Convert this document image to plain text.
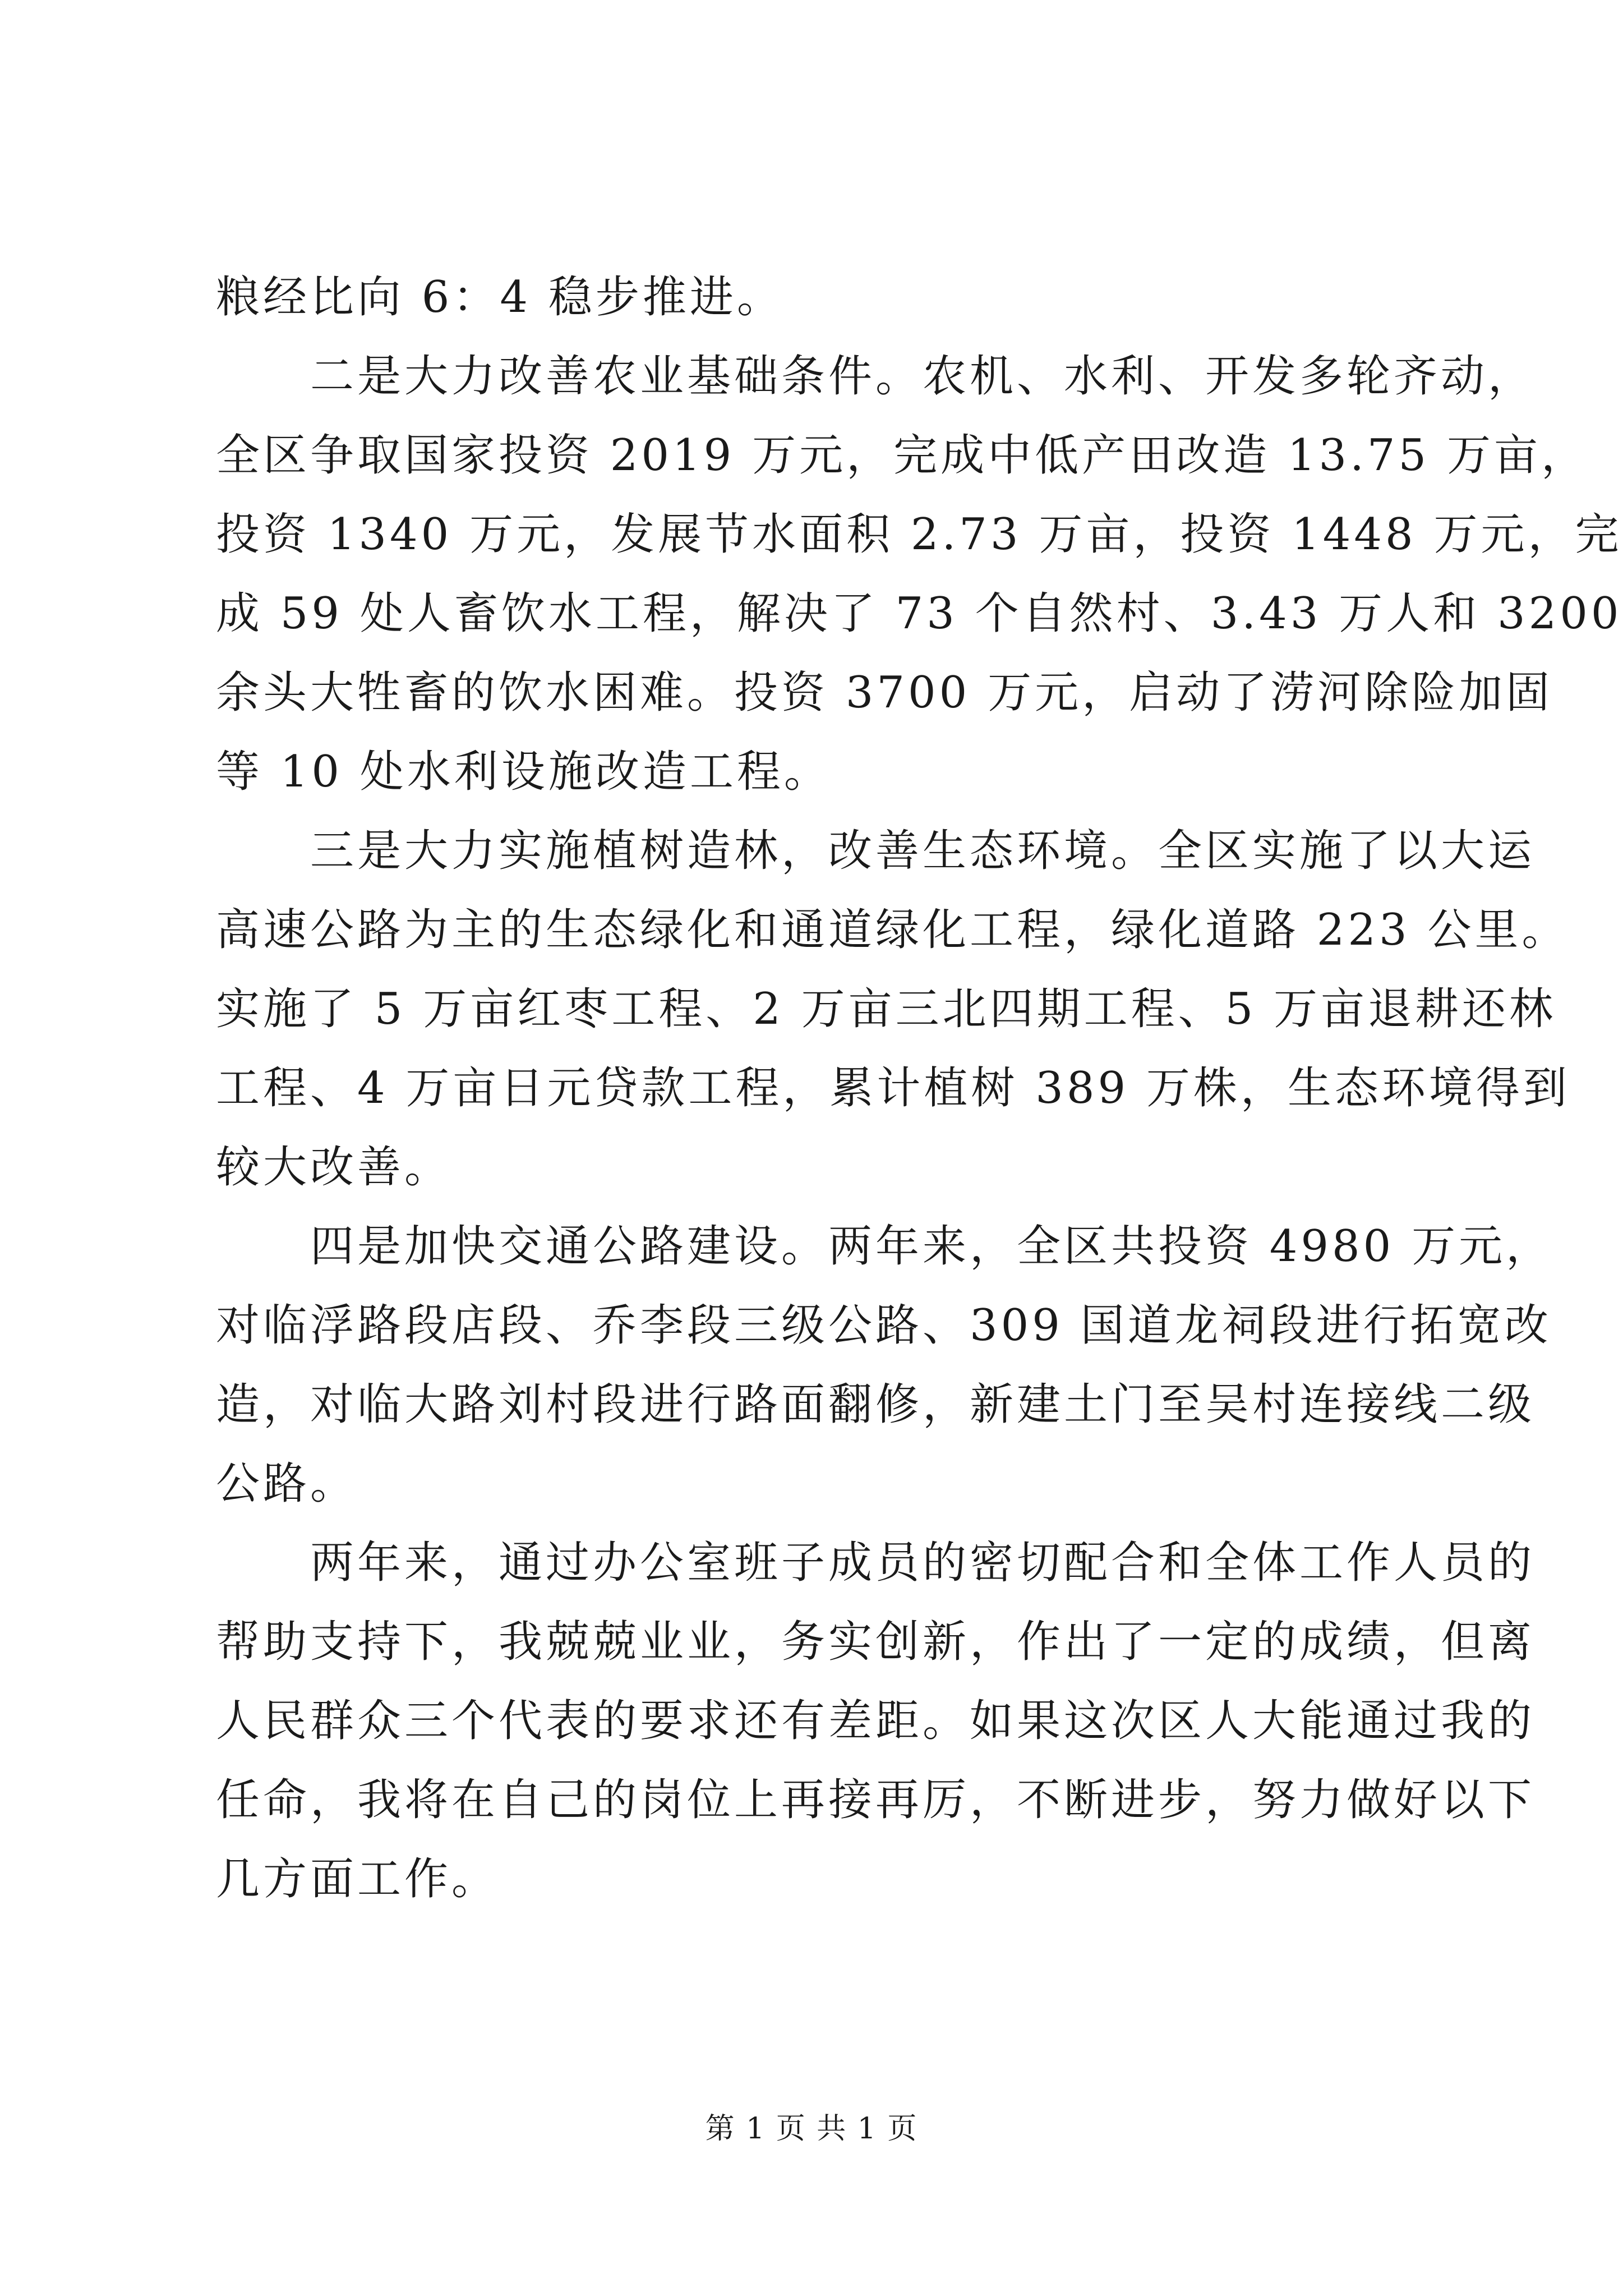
粮经比向 6：4 稳步推进。
　　二是大力改善农业基础条件。农机、水利、开发多轮齐动，
全区争取国家投资 2019 万元，完成中低产田改造 13.75 万亩，
投资 1340 万元，发展节水面积 2.73 万亩，投资 1448 万元，完
成 59 处人畜饮水工程，解决了 73 个自然村、3.43 万人和 3200
余头大牲畜的饮水困难。投资 3700 万元，启动了涝河除险加固
等 10 处水利设施改造工程。
　　三是大力实施植树造林，改善生态环境。全区实施了以大运
高速公路为主的生态绿化和通道绿化工程，绿化道路 223 公里。
实施了 5 万亩红枣工程、2 万亩三北四期工程、5 万亩退耕还林
工程、4 万亩日元贷款工程，累计植树 389 万株，生态环境得到
较大改善。
　　四是加快交通公路建设。两年来，全区共投资 4980 万元，
对临浮路段店段、乔李段三级公路、309 国道龙祠段进行拓宽改
造，对临大路刘村段进行路面翻修，新建土门至吴村连接线二级
公路。
　　两年来，通过办公室班子成员的密切配合和全体工作人员的
帮助支持下，我兢兢业业，务实创新，作出了一定的成绩，但离
人民群众三个代表的要求还有差距。如果这次区人大能通过我的
任命，我将在自己的岗位上再接再厉，不断进步，努力做好以下
几方面工作。
第 1 页 共 1 页
